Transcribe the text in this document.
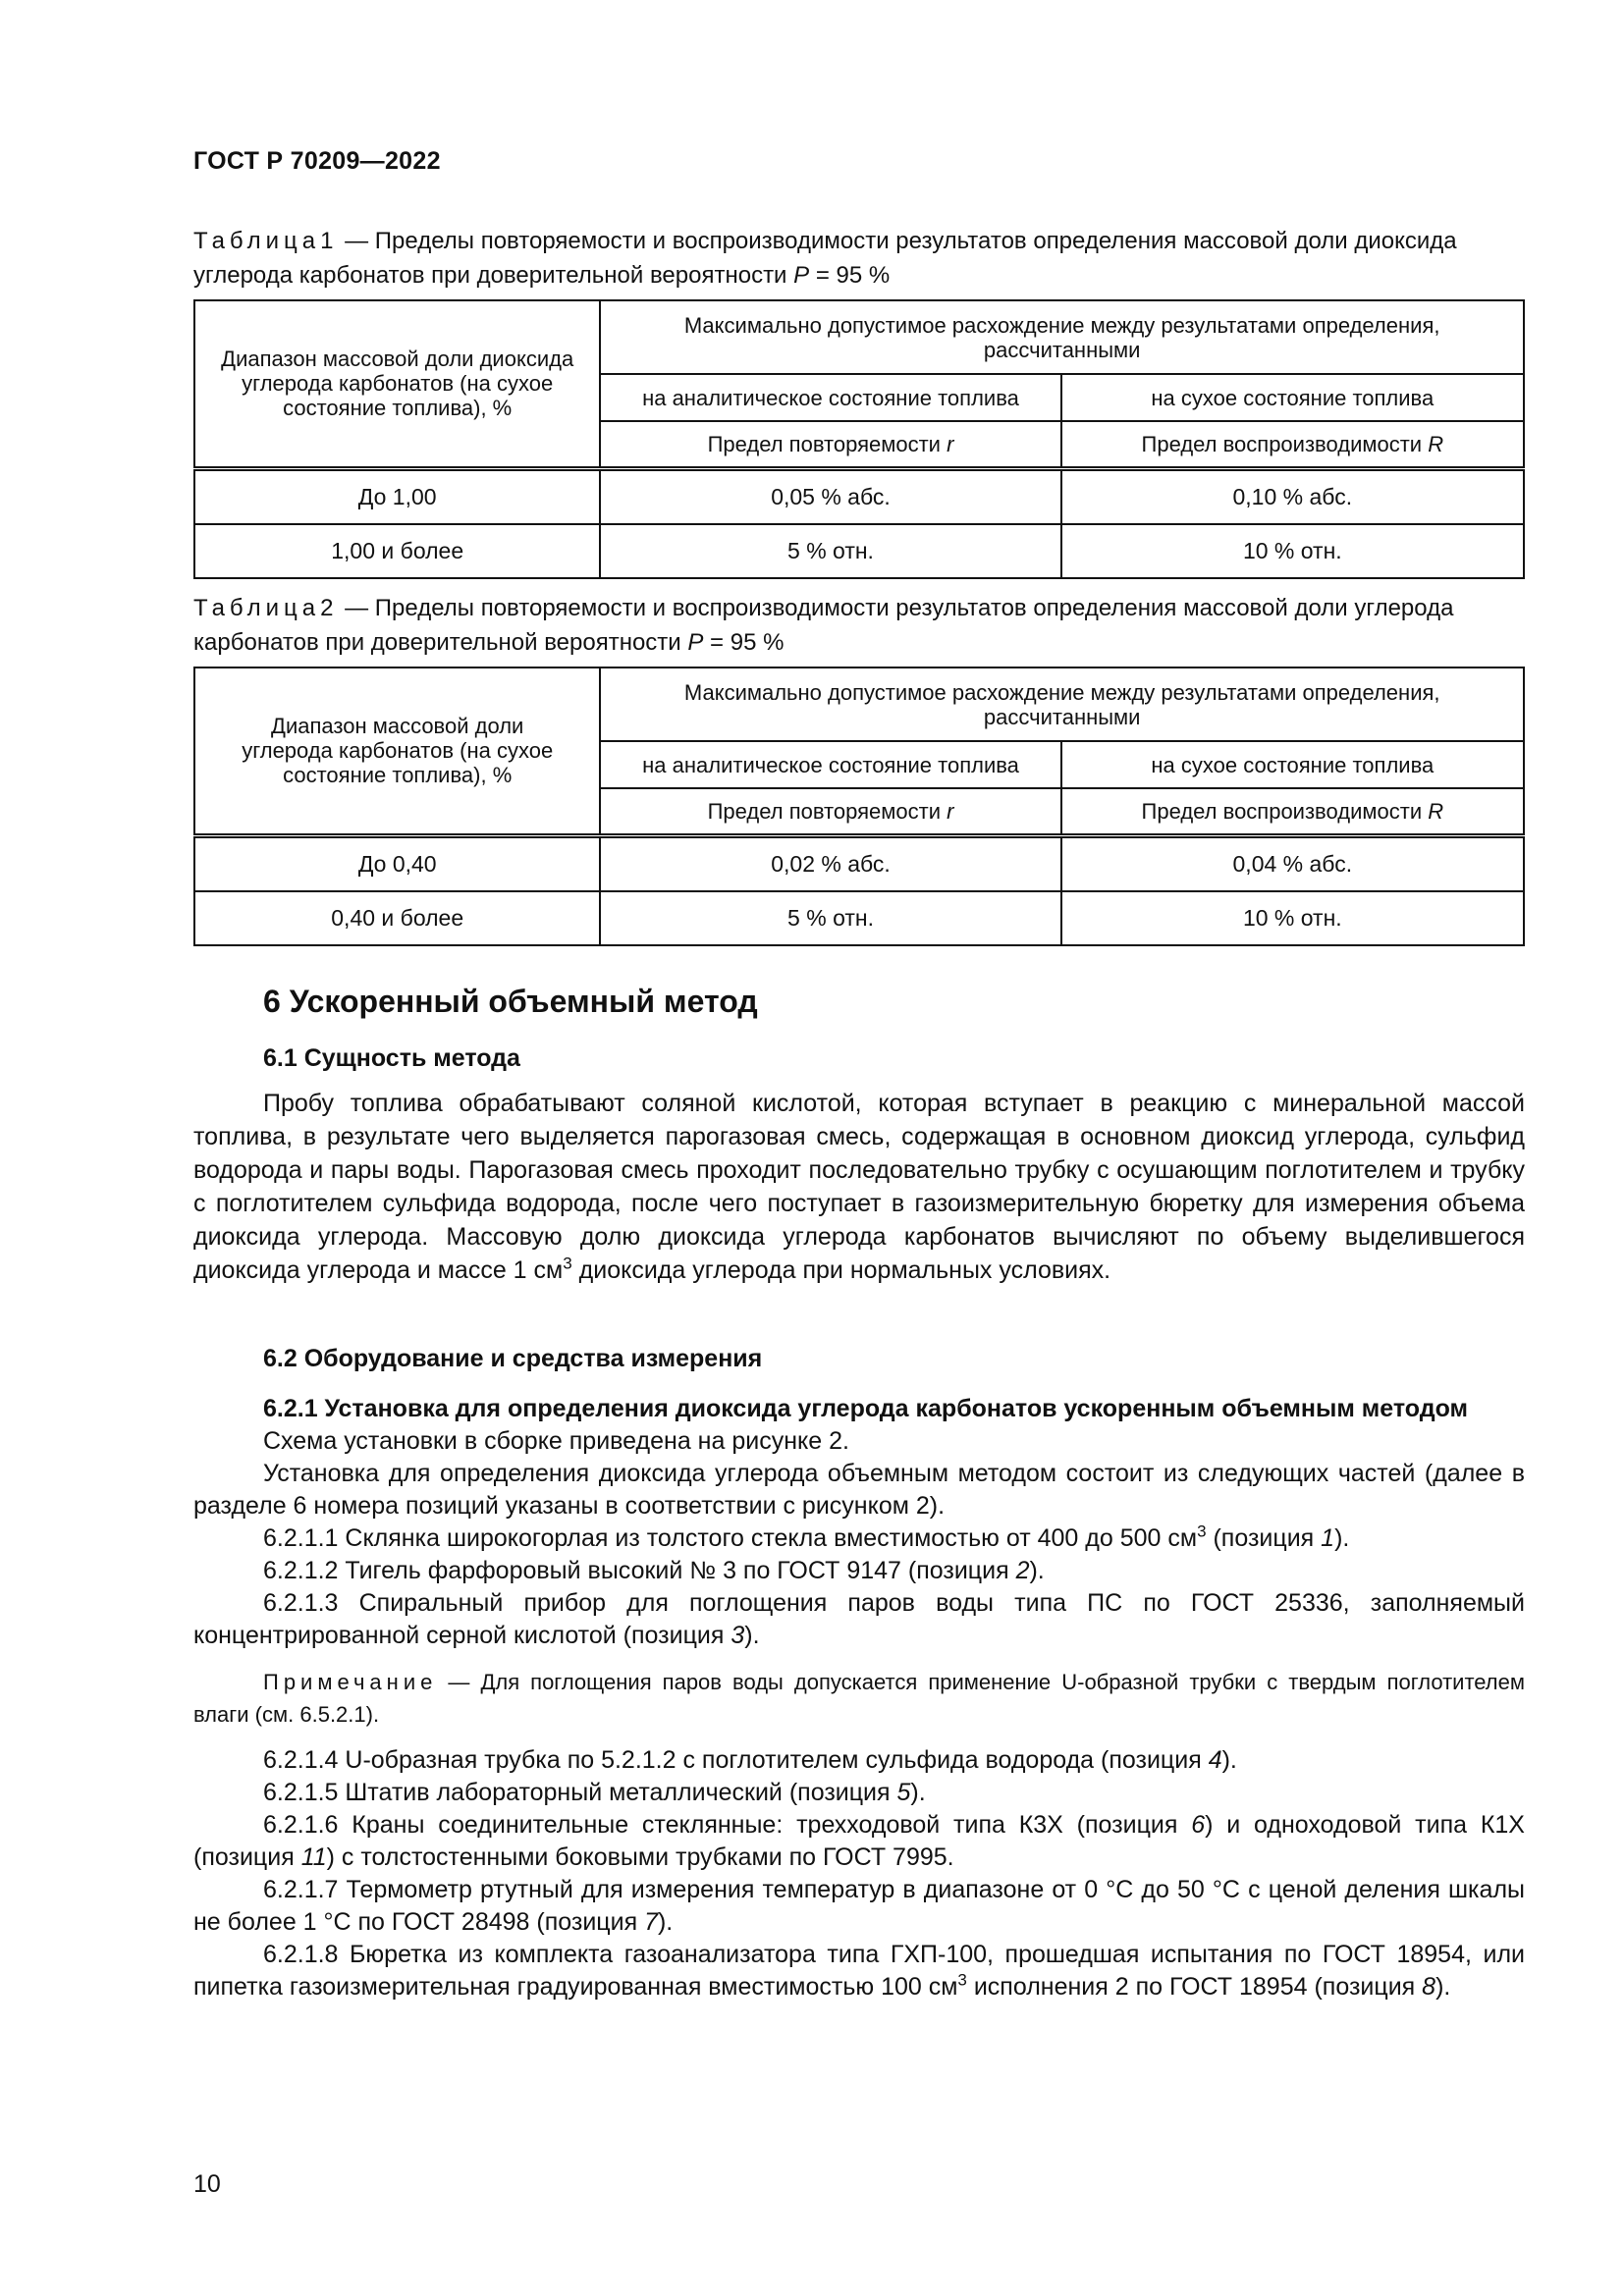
ГОСТ Р 70209—2022

Таблица1 — Пределы повторяемости и воспроизводимости результатов определения массовой доли диоксида углерода карбонатов при доверительной вероятности P = 95 %

Диапазон массовой доли диоксида углерода карбонатов (на сухое состояние топлива), %	Максимально допустимое расхождение между результатами определения, рассчитанными	
	на аналитическое состояние топлива	на сухое состояние топлива
	Предел повторяемости r	Предел воспроизводимости R
До 1,00	0,05 % абс.	0,10 % абс.
1,00 и более	5 % отн.	10 % отн.

Таблица2 — Пределы повторяемости и воспроизводимости результатов определения массовой доли углерода карбонатов при доверительной вероятности P = 95 %

Диапазон массовой доли углерода карбонатов (на сухое состояние топлива), %	Максимально допустимое расхождение между результатами определения, рассчитанными	
	на аналитическое состояние топлива	на сухое состояние топлива
	Предел повторяемости r	Предел воспроизводимости R
До 0,40	0,02 % абс.	0,04 % абс.
0,40 и более	5 % отн.	10 % отн.
6 Ускоренный объемный метод
6.1 Сущность метода

Пробу топлива обрабатывают соляной кислотой, которая вступает в реакцию с минеральной массой топлива, в результате чего выделяется парогазовая смесь, содержащая в основном диоксид углерода, сульфид водорода и пары воды. Парогазовая смесь проходит последовательно трубку с осушающим поглотителем и трубку с поглотителем сульфида водорода, после чего поступает в газоизмерительную бюретку для измерения объема диоксида углерода. Массовую долю диоксида углерода карбонатов вычисляют по объему выделившегося диоксида углерода и массе 1 $см^3$ диоксида углерода при нормальных условиях.

6.2 Оборудование и средства измерения

6.2.1 Установка для определения диоксида углерода карбонатов ускоренным объемным методом

Схема установки в сборке приведена на рисунке 2.

Установка для определения диоксида углерода объемным методом состоит из следующих частей (далее в разделе 6 номера позиций указаны в соответствии с рисунком 2).

6.2.1.1 Склянка широкогорлая из толстого стекла вместимостью от 400 до 500 $см^3$ (позиция 1).

6.2.1.2 Тигель фарфоровый высокий № 3 по ГОСТ 9147 (позиция 2).

6.2.1.3 Спиральный прибор для поглощения паров воды типа ПС по ГОСТ 25336, заполняемый концентрированной серной кислотой (позиция 3).

Примечание — Для поглощения паров воды допускается применение U-образной трубки с твердым поглотителем влаги (см. 6.5.2.1).

6.2.1.4 U-образная трубка по 5.2.1.2 с поглотителем сульфида водорода (позиция 4).

6.2.1.5 Штатив лабораторный металлический (позиция 5).

6.2.1.6 Краны соединительные стеклянные: трехходовой типа К3Х (позиция 6) и одноходовой типа К1Х (позиция 11) с толстостенными боковыми трубками по ГОСТ 7995.

6.2.1.7 Термометр ртутный для измерения температур в диапазоне от 0 °С до 50 °С с ценой деления шкалы не более 1 °С по ГОСТ 28498 (позиция 7).

6.2.1.8 Бюретка из комплекта газоанализатора типа ГХП-100, прошедшая испытания по ГОСТ 18954, или пипетка газоизмерительная градуированная вместимостью 100 $см^3$ исполнения 2 по ГОСТ 18954 (позиция 8).

10
